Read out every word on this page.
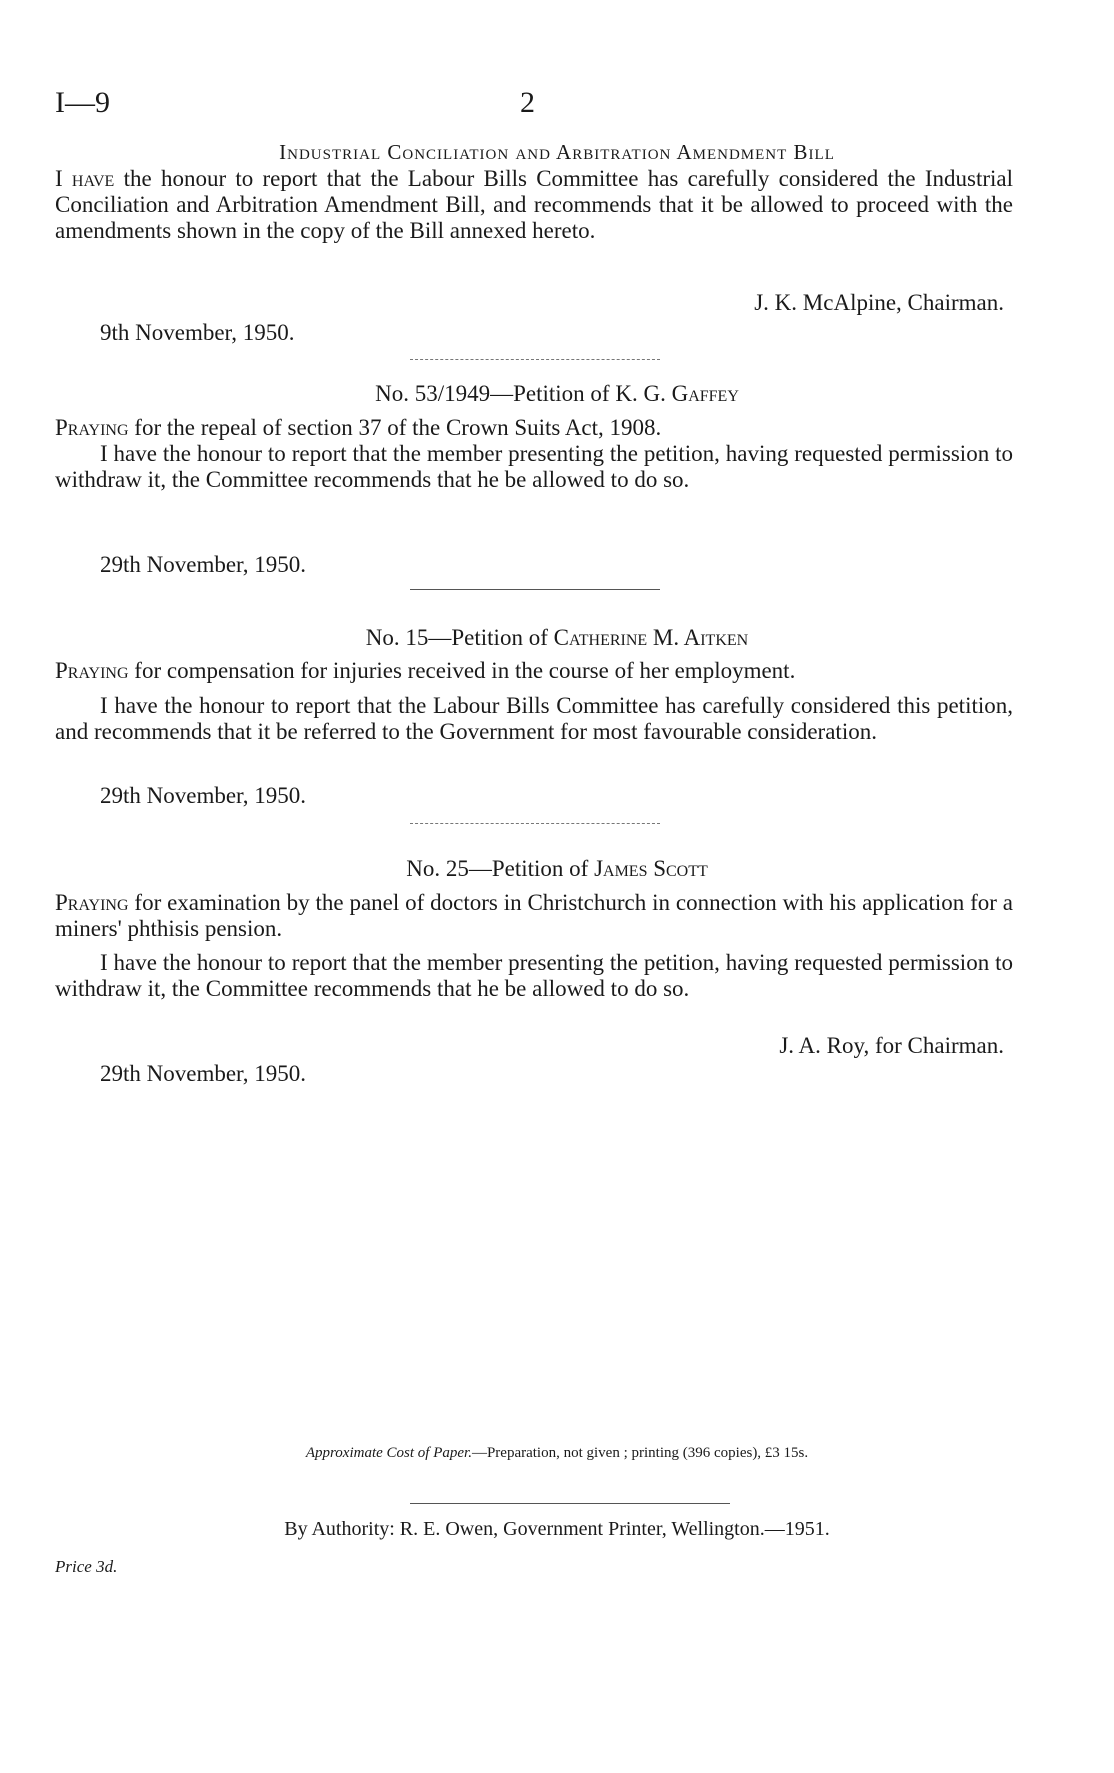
I—9	2
Industrial Conciliation and Arbitration Amendment Bill

I have the honour to report that the Labour Bills Committee has carefully considered the Industrial Conciliation and Arbitration Amendment Bill, and recommends that it be allowed to proceed with the amendments shown in the copy of the Bill annexed hereto.

J. K. McAlpine, Chairman.
9th November, 1950.
No. 53/1949—Petition of K. G. Gaffey

Praying for the repeal of section 37 of the Crown Suits Act, 1908.

I have the honour to report that the member presenting the petition, having requested permission to withdraw it, the Committee recommends that he be allowed to do so.

29th November, 1950.
No. 15—Petition of Catherine M. Aitken

Praying for compensation for injuries received in the course of her employment.

I have the honour to report that the Labour Bills Committee has carefully considered this petition, and recommends that it be referred to the Government for most favourable consideration.

29th November, 1950.
No. 25—Petition of James Scott

Praying for examination by the panel of doctors in Christchurch in connection with his application for a miners' phthisis pension.

I have the honour to report that the member presenting the petition, having requested permission to withdraw it, the Committee recommends that he be allowed to do so.

J. A. Roy, for Chairman.
29th November, 1950.
Approximate Cost of Paper.—Preparation, not given ; printing (396 copies), £3 15s.
By Authority: R. E. Owen, Government Printer, Wellington.—1951.
Price 3d.
